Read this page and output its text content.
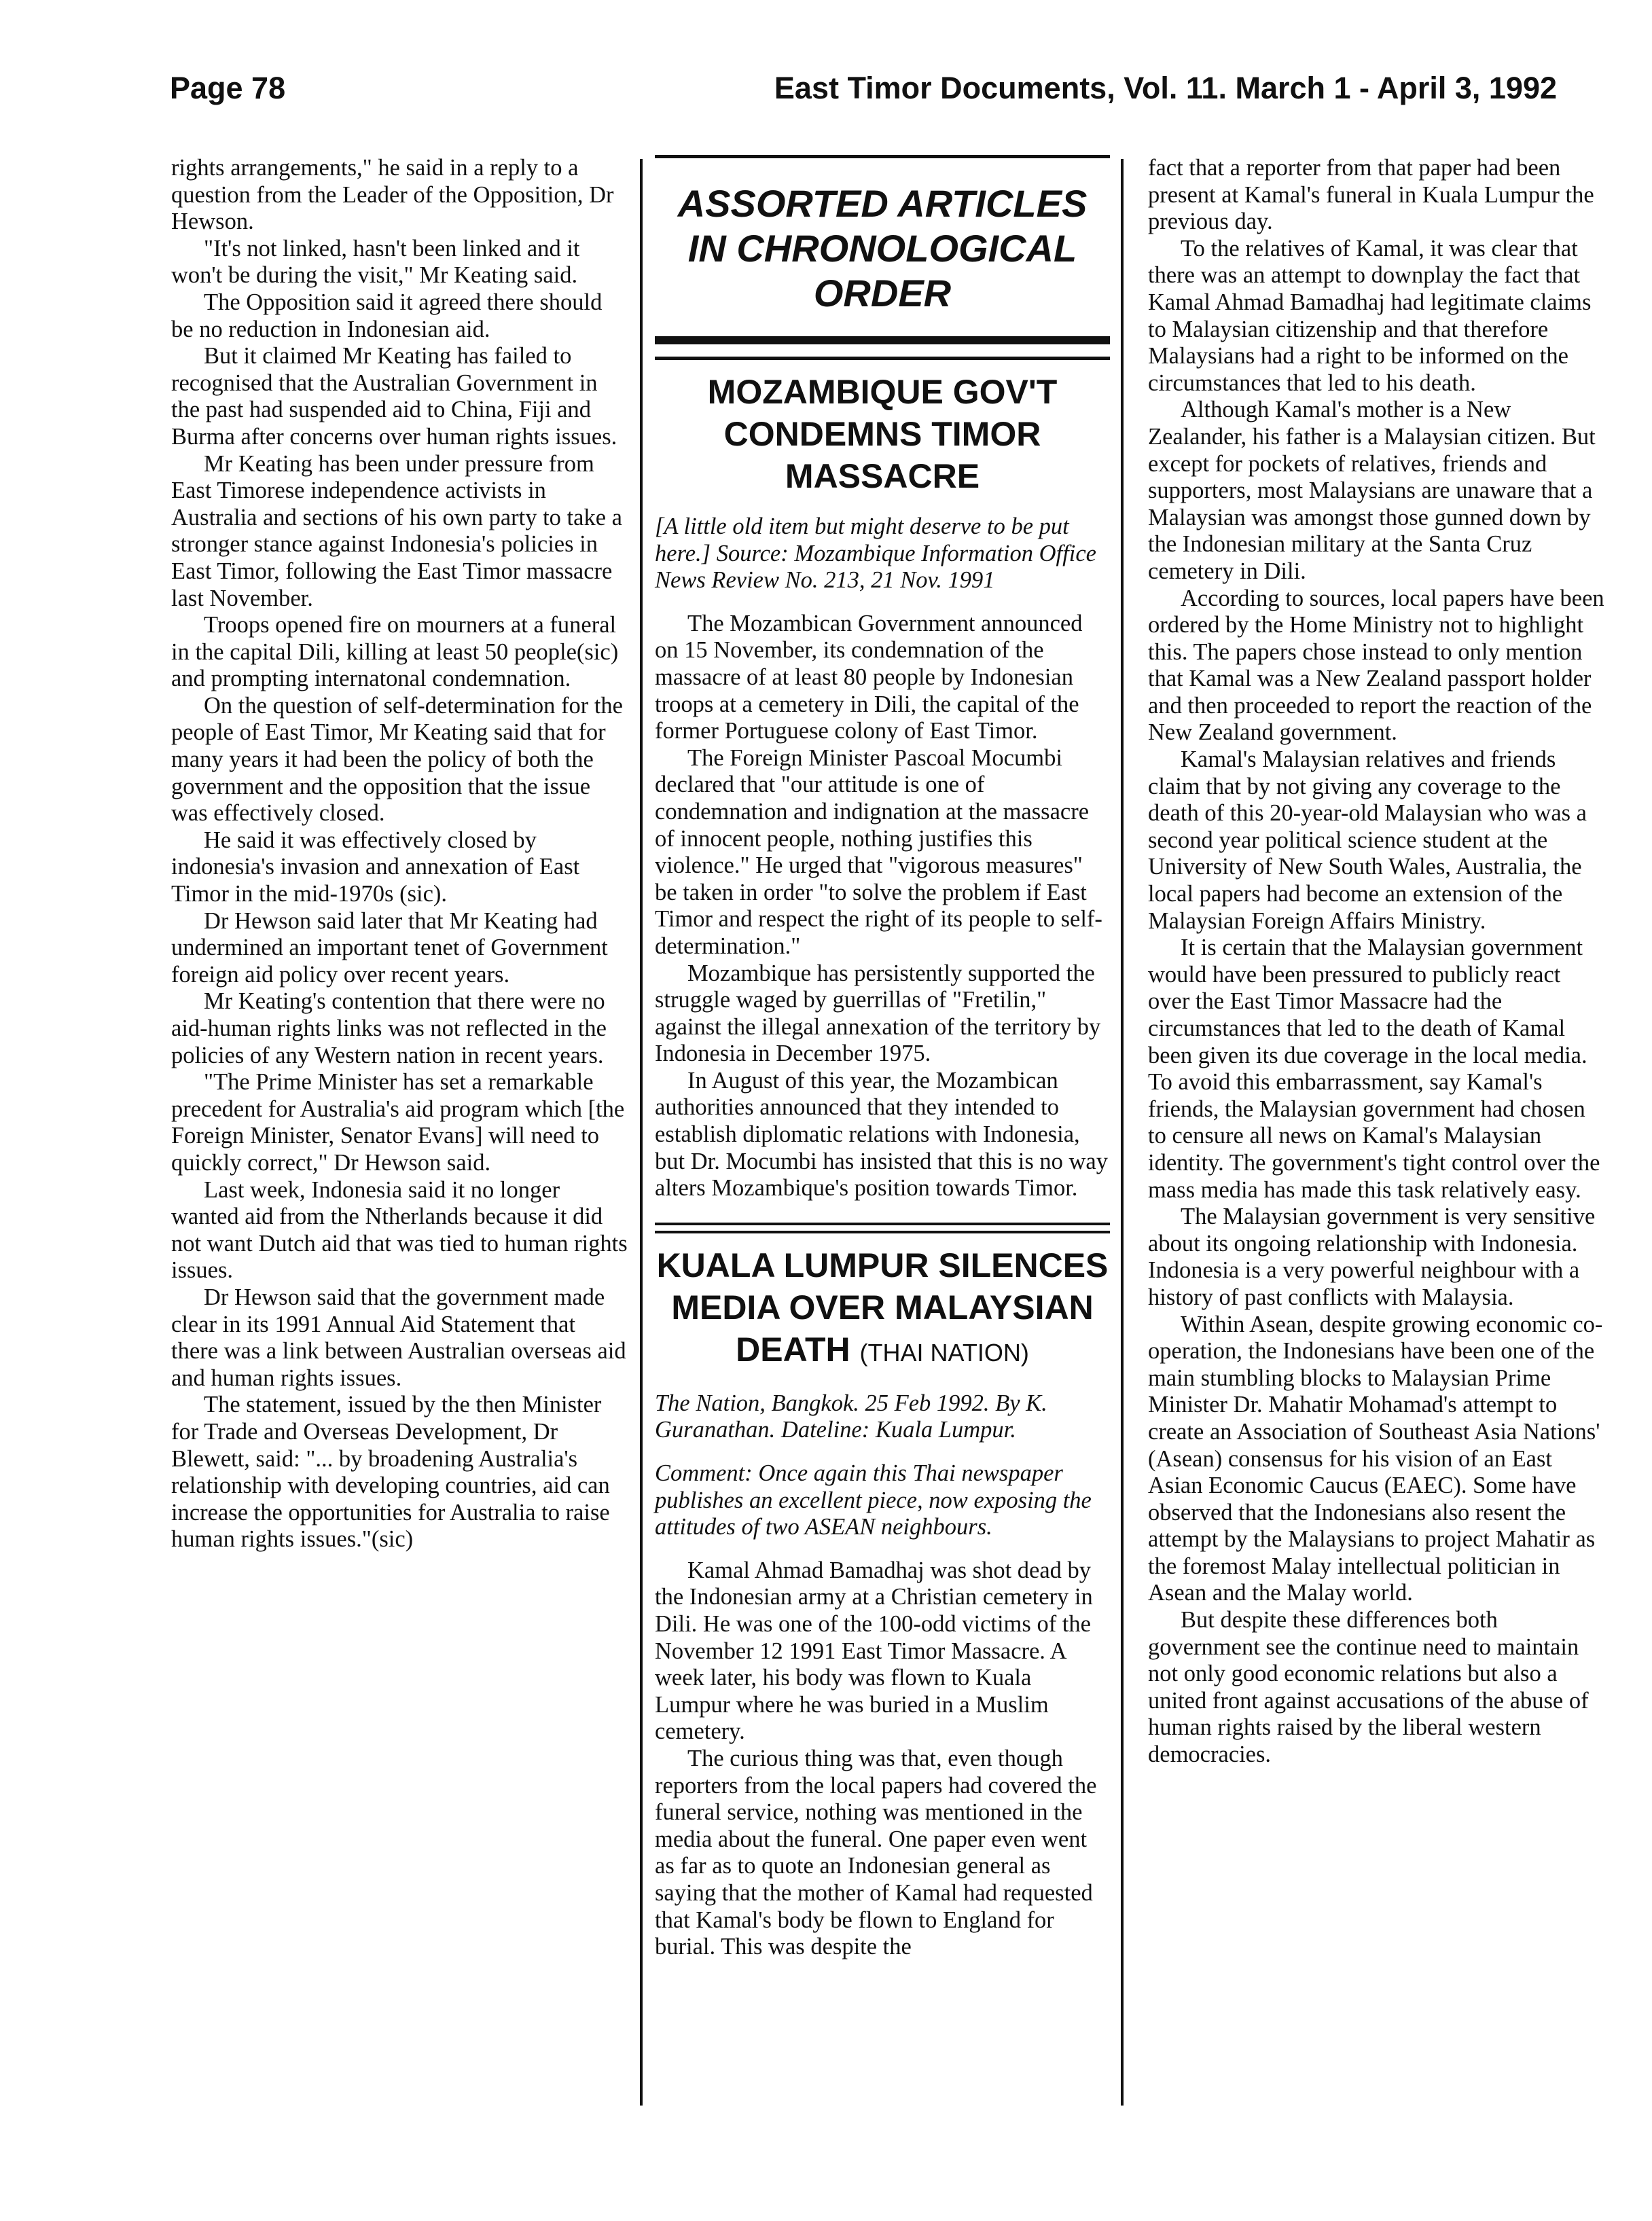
Page 78	East Timor Documents, Vol. 11. March 1 - April 3, 1992

rights arrangements," he said in a reply to a question from the Leader of the Opposition, Dr Hewson.

"It's not linked, hasn't been linked and it won't be during the visit," Mr Keating said.

The Opposition said it agreed there should be no reduction in Indonesian aid.

But it claimed Mr Keating has failed to recognised that the Australian Government in the past had suspended aid to China, Fiji and Burma after concerns over human rights issues.

Mr Keating has been under pressure from East Timorese independence activists in Australia and sections of his own party to take a stronger stance against Indonesia's policies in East Timor, following the East Timor massacre last November.

Troops opened fire on mourners at a funeral in the capital Dili, killing at least 50 people(sic) and prompting internatonal condemnation.

On the question of self-determination for the people of East Timor, Mr Keating said that for many years it had been the policy of both the government and the opposition that the issue was effectively closed.

He said it was effectively closed by indonesia's invasion and annexation of East Timor in the mid-1970s (sic).

Dr Hewson said later that Mr Keating had undermined an important tenet of Government foreign aid policy over recent years.

Mr Keating's contention that there were no aid-human rights links was not reflected in the policies of any Western nation in recent years.

"The Prime Minister has set a remarkable precedent for Australia's aid program which [the Foreign Minister, Senator Evans] will need to quickly correct," Dr Hewson said.

Last week, Indonesia said it no longer wanted aid from the Ntherlands because it did not want Dutch aid that was tied to human rights issues.

Dr Hewson said that the government made clear in its 1991 Annual Aid Statement that there was a link between Australian overseas aid and human rights issues.

The statement, issued by the then Minister for Trade and Overseas Development, Dr Blewett, said: "... by broadening Australia's relationship with developing countries, aid can increase the opportunities for Australia to raise human rights issues."(sic)

ASSORTED ARTICLES IN CHRONOLOGICAL ORDER
MOZAMBIQUE GOV'T CONDEMNS TIMOR MASSACRE

[A little old item but might deserve to be put here.] Source: Mozambique Information Office News Review No. 213, 21 Nov. 1991

The Mozambican Government announced on 15 November, its condemnation of the massacre of at least 80 people by Indonesian troops at a cemetery in Dili, the capital of the former Portuguese colony of East Timor.

The Foreign Minister Pascoal Mocumbi declared that "our attitude is one of condemnation and indignation at the massacre of innocent people, nothing justifies this violence." He urged that "vigorous measures" be taken in order "to solve the problem if East Timor and respect the right of its people to self-determination."

Mozambique has persistently supported the struggle waged by guerrillas of "Fretilin," against the illegal annexation of the territory by Indonesia in December 1975.

In August of this year, the Mozambican authorities announced that they intended to establish diplomatic relations with Indonesia, but Dr. Mocumbi has insisted that this is no way alters Mozambique's position towards Timor.

KUALA LUMPUR SILENCES MEDIA OVER MALAYSIAN DEATH (THAI NATION)

The Nation, Bangkok. 25 Feb 1992. By K. Guranathan. Dateline: Kuala Lumpur.

Comment: Once again this Thai newspaper publishes an excellent piece, now exposing the attitudes of two ASEAN neighbours.

Kamal Ahmad Bamadhaj was shot dead by the Indonesian army at a Christian cemetery in Dili. He was one of the 100-odd victims of the November 12 1991 East Timor Massacre. A week later, his body was flown to Kuala Lumpur where he was buried in a Muslim cemetery.

The curious thing was that, even though reporters from the local papers had covered the funeral service, nothing was mentioned in the media about the funeral. One paper even went as far as to quote an Indonesian general as saying that the mother of Kamal had requested that Kamal's body be flown to England for burial. This was despite the

fact that a reporter from that paper had been present at Kamal's funeral in Kuala Lumpur the previous day.

To the relatives of Kamal, it was clear that there was an attempt to downplay the fact that Kamal Ahmad Bamadhaj had legitimate claims to Malaysian citizenship and that therefore Malaysians had a right to be informed on the circumstances that led to his death.

Although Kamal's mother is a New Zealander, his father is a Malaysian citizen. But except for pockets of relatives, friends and supporters, most Malaysians are unaware that a Malaysian was amongst those gunned down by the Indonesian military at the Santa Cruz cemetery in Dili.

According to sources, local papers have been ordered by the Home Ministry not to highlight this. The papers chose instead to only mention that Kamal was a New Zealand passport holder and then proceeded to report the reaction of the New Zealand government.

Kamal's Malaysian relatives and friends claim that by not giving any coverage to the death of this 20-year-old Malaysian who was a second year political science student at the University of New South Wales, Australia, the local papers had become an extension of the Malaysian Foreign Affairs Ministry.

It is certain that the Malaysian government would have been pressured to publicly react over the East Timor Massacre had the circumstances that led to the death of Kamal been given its due coverage in the local media. To avoid this embarrassment, say Kamal's friends, the Malaysian government had chosen to censure all news on Kamal's Malaysian identity. The government's tight control over the mass media has made this task relatively easy.

The Malaysian government is very sensitive about its ongoing relationship with Indonesia. Indonesia is a very powerful neighbour with a history of past conflicts with Malaysia.

Within Asean, despite growing economic co-operation, the Indonesians have been one of the main stumbling blocks to Malaysian Prime Minister Dr. Mahatir Mohamad's attempt to create an Association of Southeast Asia Nations' (Asean) consensus for his vision of an East Asian Economic Caucus (EAEC). Some have observed that the Indonesians also resent the attempt by the Malaysians to project Mahatir as the foremost Malay intellectual politician in Asean and the Malay world.

But despite these differences both government see the continue need to maintain not only good economic relations but also a united front against accusations of the abuse of human rights raised by the liberal western democracies.
